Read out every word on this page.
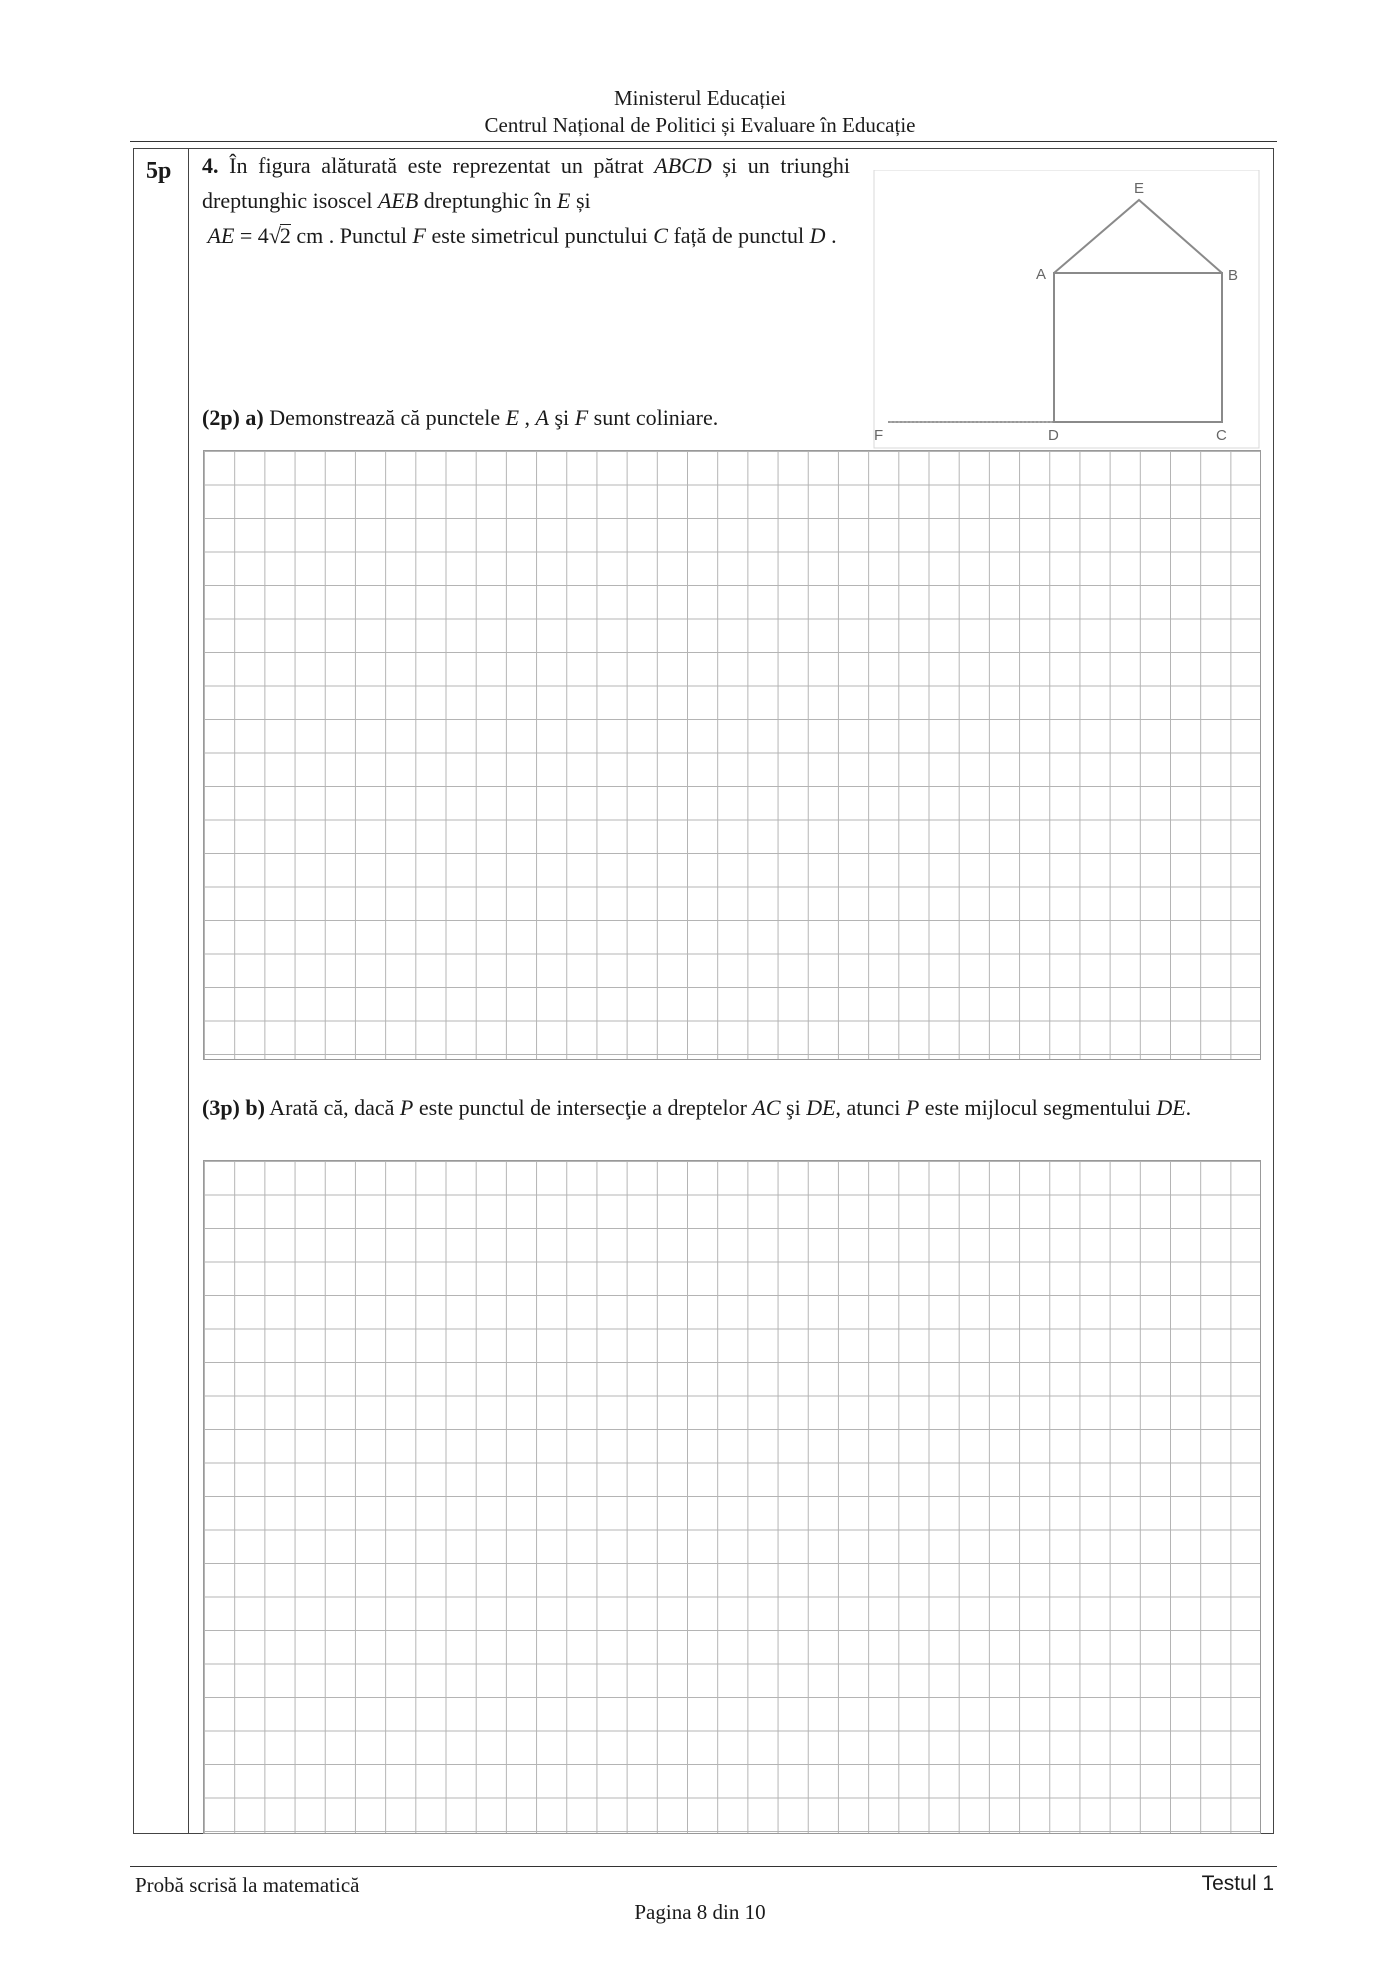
Ministerul Educației
Centrul Național de Politici și Evaluare în Educație
5p 4. În figura alăturată este reprezentat un pătrat ABCD și un triunghi dreptunghic isoscel AEB dreptunghic în E și
AE = 4√2 cm . Punctul F este simetricul punctului C față de punctul D .
(2p) a) Demonstrează că punctele E , A şi F sunt coliniare.
E
A	B
F	D	C
(3p) b) Arată că, dacă P este punctul de intersecţie a dreptelor AC şi DE, atunci P este mijlocul segmentului DE.
Probă scrisă la matematică	Testul 1
Pagina 8 din 10
